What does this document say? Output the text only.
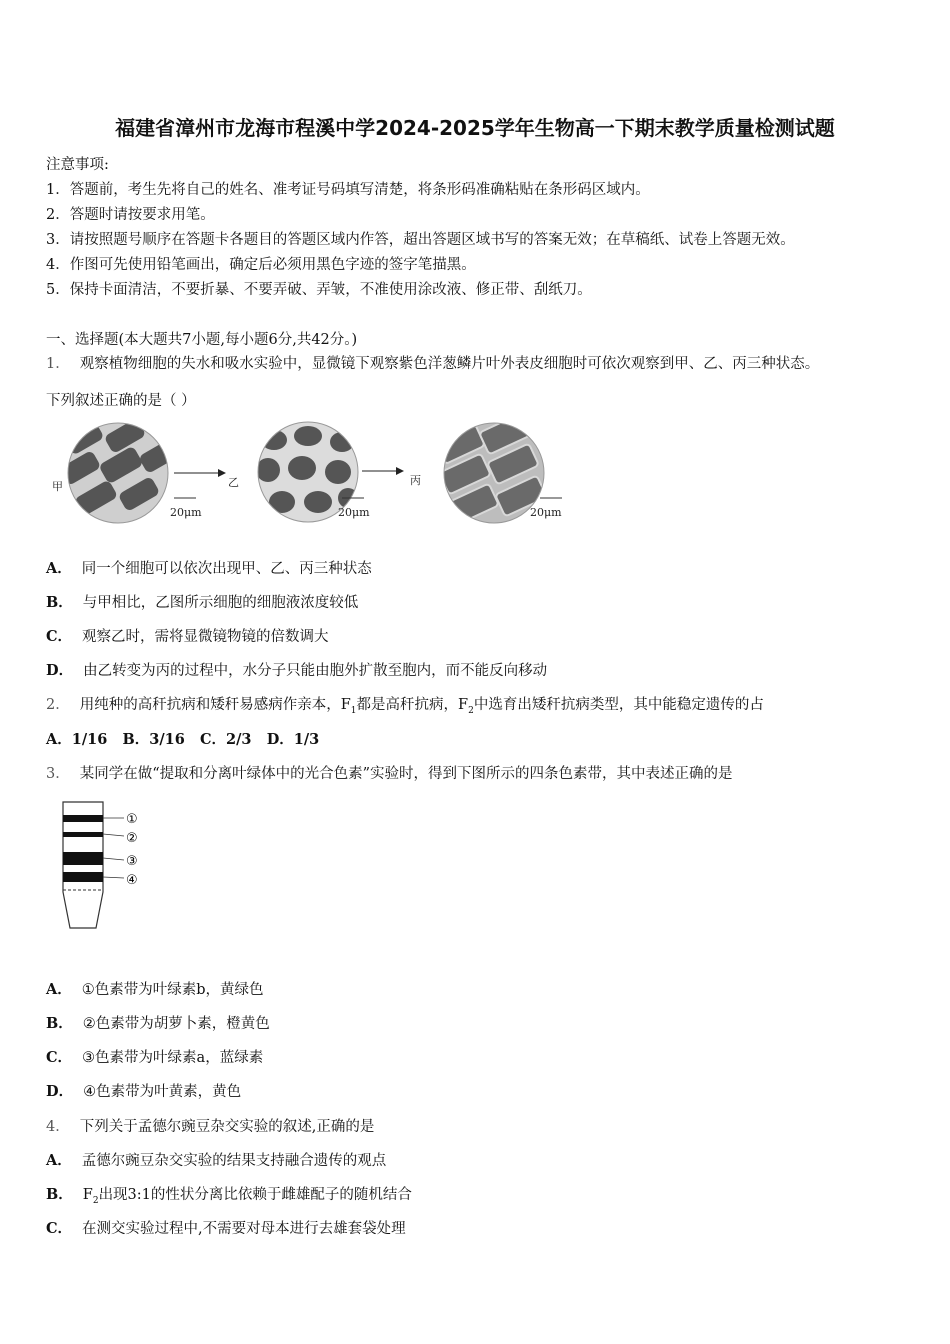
福建省漳州市龙海市程溪中学2024-2025学年生物高一下期末教学质量检测试题
注意事项:
1．答题前，考生先将自己的姓名、准考证号码填写清楚，将条形码准确粘贴在条形码区域内。
2．答题时请按要求用笔。
3．请按照题号顺序在答题卡各题目的答题区域内作答，超出答题区域书写的答案无效；在草稿纸、试卷上答题无效。
4．作图可先使用铅笔画出，确定后必须用黑色字迹的签字笔描黑。
5．保持卡面清洁，不要折暴、不要弄破、弄皱，不准使用涂改液、修正带、刮纸刀。
一、选择题(本大题共7小题,每小题6分,共42分。)
1． 观察植物细胞的失水和吸水实验中，显微镜下观察紫色洋葱鳞片叶外表皮细胞时可依次观察到甲、乙、丙三种状态。
下列叙述正确的是（ ）
甲
20μm
乙
20μm
丙
20μm
A． 同一个细胞可以依次出现甲、乙、丙三种状态
B． 与甲相比，乙图所示细胞的细胞液浓度较低
C． 观察乙时，需将显微镜物镜的倍数调大
D． 由乙转变为丙的过程中，水分子只能由胞外扩散至胞内，而不能反向移动
2． 用纯种的高秆抗病和矮秆易感病作亲本，$F_1$都是高秆抗病，$F_2$中选育出矮秆抗病类型，其中能稳定遗传的占
A．1/16 B．3/16 C．2/3 D．1/3
3． 某同学在做“提取和分离叶绿体中的光合色素”实验时，得到下图所示的四条色素带，其中表述正确的是
①
②
③
④
A． ①色素带为叶绿素b，黄绿色
B． ②色素带为胡萝卜素，橙黄色
C． ③色素带为叶绿素a，蓝绿素
D． ④色素带为叶黄素，黄色
4． 下列关于孟德尔豌豆杂交实验的叙述,正确的是
A． 孟德尔豌豆杂交实验的结果支持融合遗传的观点
B． $F_2$出现3:1的性状分离比依赖于雌雄配子的随机结合
C． 在测交实验过程中,不需要对母本进行去雄套袋处理
